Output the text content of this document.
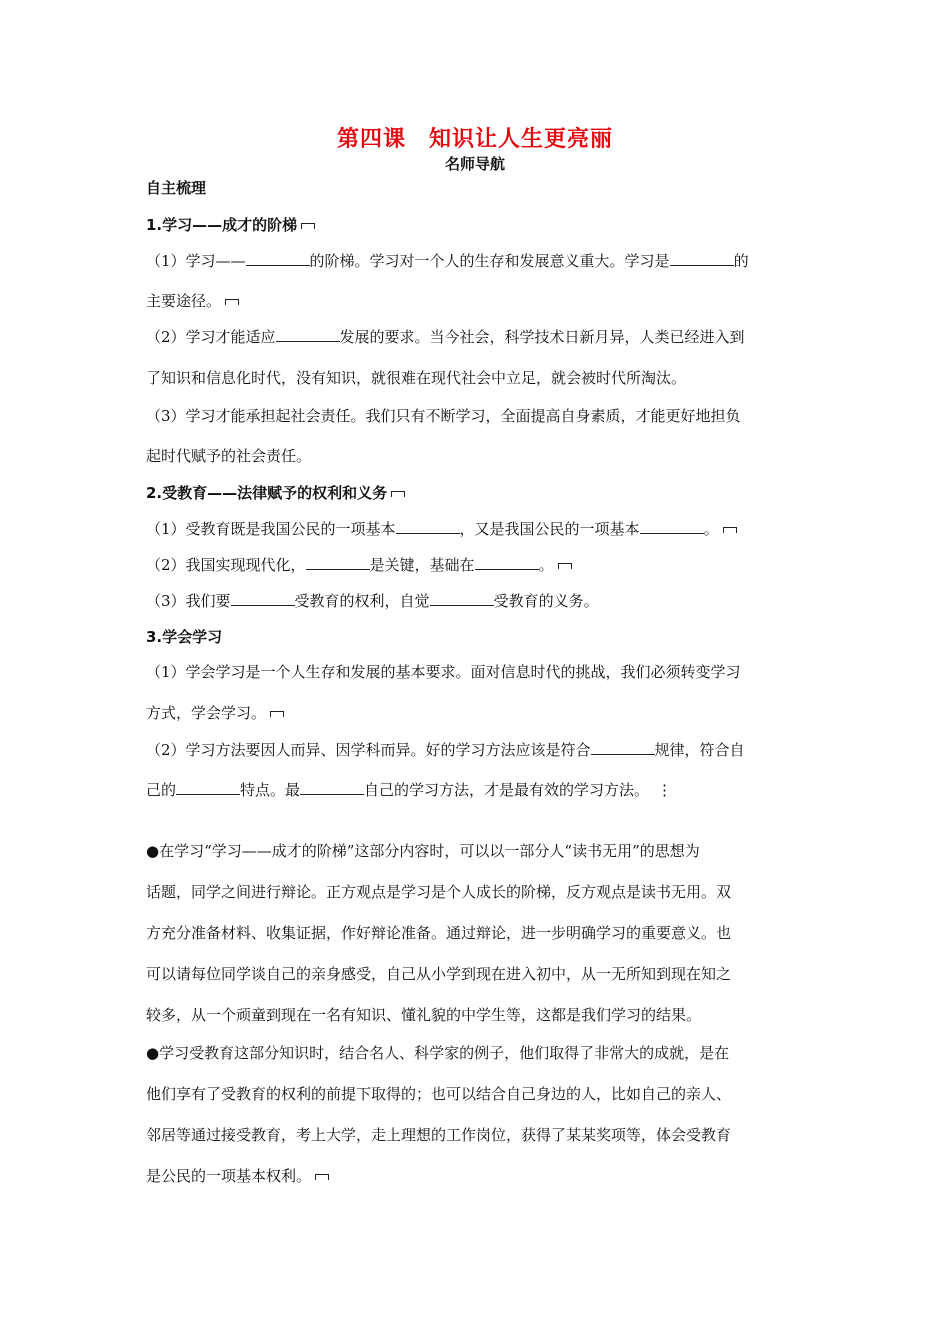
第四课　知识让人生更亮丽
名师导航
自主梳理
1.学习——成才的阶梯
（1）学习——	的阶梯。学习对一个人的生存和发展意义重大。学习是	的
主要途径。
（2）学习才能适应	发展的要求。当今社会，科学技术日新月异，人类已经进入到
了知识和信息化时代，没有知识，就很难在现代社会中立足，就会被时代所淘汰。
（3）学习才能承担起社会责任。我们只有不断学习，全面提高自身素质，才能更好地担负
起时代赋予的社会责任。
2.受教育——法律赋予的权利和义务
（1）受教育既是我国公民的一项基本	，又是我国公民的一项基本	。
（2）我国实现现代化，	是关键，基础在	。
（3）我们要	受教育的权利，自觉	受教育的义务。
3.学会学习
（1）学会学习是一个人生存和发展的基本要求。面对信息时代的挑战，我们必须转变学习
方式，学会学习。
（2）学习方法要因人而异、因学科而异。好的学习方法应该是符合	规律，符合自
己的	特点。最	自己的学习方法，才是最有效的学习方法。 ⋮
●在学习“学习——成才的阶梯”这部分内容时，可以以一部分人“读书无用”的思想为
话题，同学之间进行辩论。正方观点是学习是个人成长的阶梯，反方观点是读书无用。双
方充分准备材料、收集证据，作好辩论准备。通过辩论，进一步明确学习的重要意义。也
可以请每位同学谈自己的亲身感受，自己从小学到现在进入初中，从一无所知到现在知之
较多，从一个顽童到现在一名有知识、懂礼貌的中学生等，这都是我们学习的结果。
●学习受教育这部分知识时，结合名人、科学家的例子，他们取得了非常大的成就，是在
他们享有了受教育的权利的前提下取得的；也可以结合自己身边的人，比如自己的亲人、
邻居等通过接受教育，考上大学，走上理想的工作岗位，获得了某某奖项等，体会受教育
是公民的一项基本权利。
